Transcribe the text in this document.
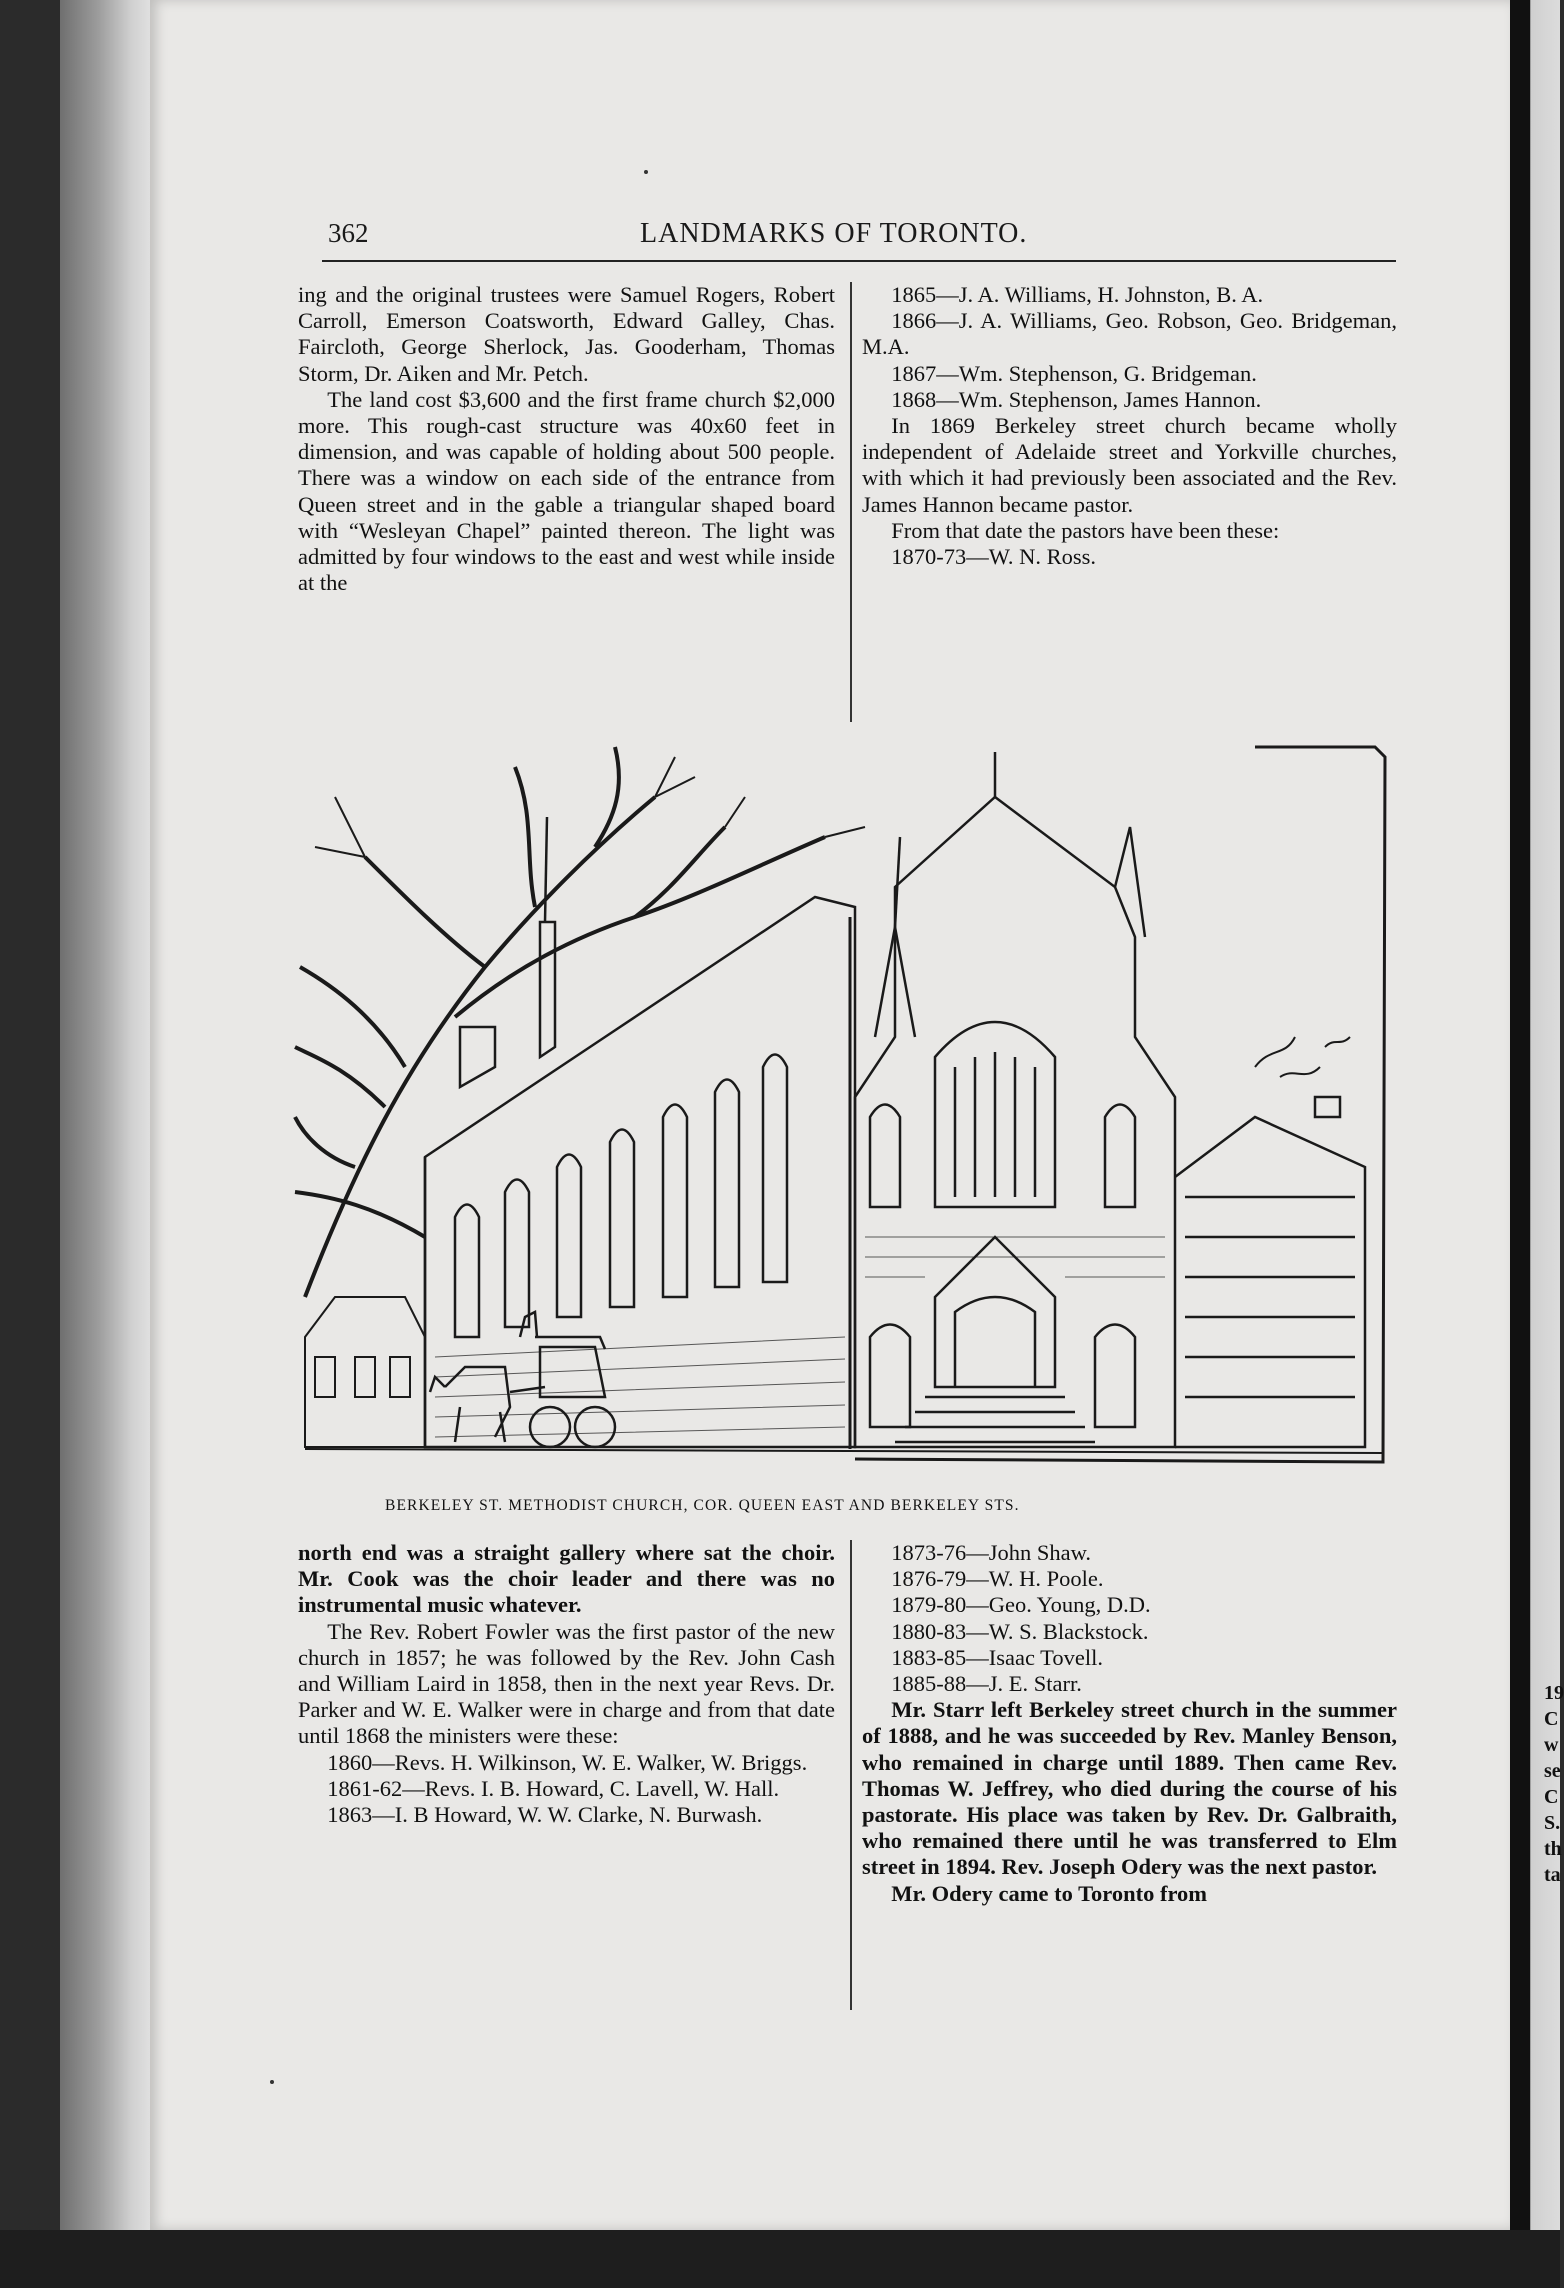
19
C
w
se
C
S.
th
ta
362	LANDMARKS OF TORONTO.

ing and the original trustees were Samuel Rogers, Robert Carroll, Emerson Coatsworth, Edward Galley, Chas. Faircloth, George Sherlock, Jas. Gooderham, Thomas Storm, Dr. Aiken and Mr. Petch.

The land cost $3,600 and the first frame church $2,000 more. This rough-cast structure was 40x60 feet in dimension, and was capable of holding about 500 people. There was a window on each side of the entrance from Queen street and in the gable a triangular shaped board with “Wesleyan Chapel” painted thereon. The light was admitted by four windows to the east and west while inside at the

1865—J. A. Williams, H. Johnston, B. A.

1866—J. A. Williams, Geo. Robson, Geo. Bridgeman, M.A.

1867—Wm. Stephenson, G. Bridgeman.

1868—Wm. Stephenson, James Hannon.

In 1869 Berkeley street church became wholly independent of Adelaide street and Yorkville churches, with which it had previously been associated and the Rev. James Hannon became pastor.

From that date the pastors have been these:

1870-73—W. N. Ross.

BERKELEY ST. METHODIST CHURCH, COR. QUEEN EAST AND BERKELEY STS.

north end was a straight gallery where sat the choir. Mr. Cook was the choir leader and there was no instrumental music whatever.

The Rev. Robert Fowler was the first pastor of the new church in 1857; he was followed by the Rev. John Cash and William Laird in 1858, then in the next year Revs. Dr. Parker and W. E. Walker were in charge and from that date until 1868 the ministers were these:

1860—Revs. H. Wilkinson, W. E. Walker, W. Briggs.

1861-62—Revs. I. B. Howard, C. Lavell, W. Hall.

1863—I. B Howard, W. W. Clarke, N. Burwash.

1873-76—John Shaw.

1876-79—W. H. Poole.

1879-80—Geo. Young, D.D.

1880-83—W. S. Blackstock.

1883-85—Isaac Tovell.

1885-88—J. E. Starr.

Mr. Starr left Berkeley street church in the summer of 1888, and he was succeeded by Rev. Manley Benson, who remained in charge until 1889. Then came Rev. Thomas W. Jeffrey, who died during the course of his pastorate. His place was taken by Rev. Dr. Galbraith, who remained there until he was transferred to Elm street in 1894. Rev. Joseph Odery was the next pastor.

Mr. Odery came to Toronto from
